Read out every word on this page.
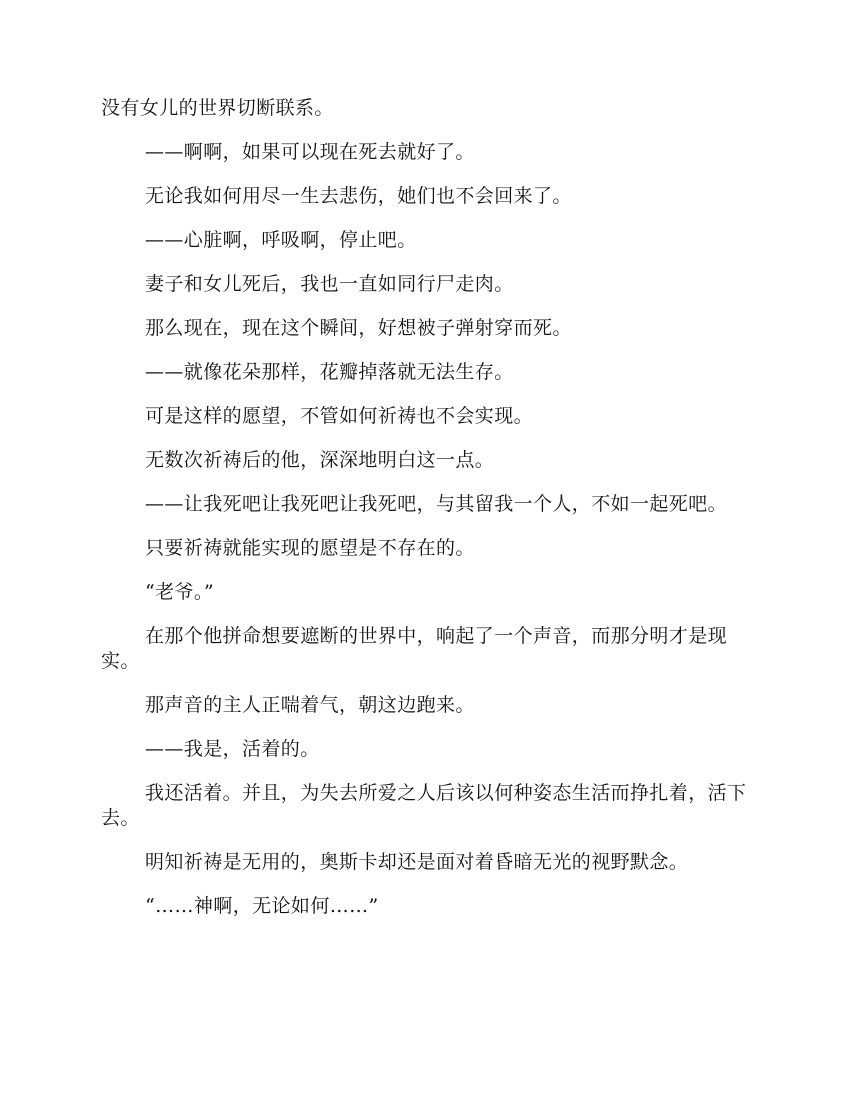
没有女儿的世界切断联系。

——啊啊，如果可以现在死去就好了。

无论我如何用尽一生去悲伤，她们也不会回来了。

——心脏啊，呼吸啊，停止吧。

妻子和女儿死后，我也一直如同行尸走肉。

那么现在，现在这个瞬间，好想被子弹射穿而死。

——就像花朵那样，花瓣掉落就无法生存。

可是这样的愿望，不管如何祈祷也不会实现。

无数次祈祷后的他，深深地明白这一点。

——让我死吧让我死吧让我死吧，与其留我一个人，不如一起死吧。

只要祈祷就能实现的愿望是不存在的。

“老爷。”

在那个他拼命想要遮断的世界中，响起了一个声音，而那分明才是现实。

那声音的主人正喘着气，朝这边跑来。

——我是，活着的。

我还活着。并且，为失去所爱之人后该以何种姿态生活而挣扎着，活下去。

明知祈祷是无用的，奥斯卡却还是面对着昏暗无光的视野默念。

“……神啊，无论如何……”
